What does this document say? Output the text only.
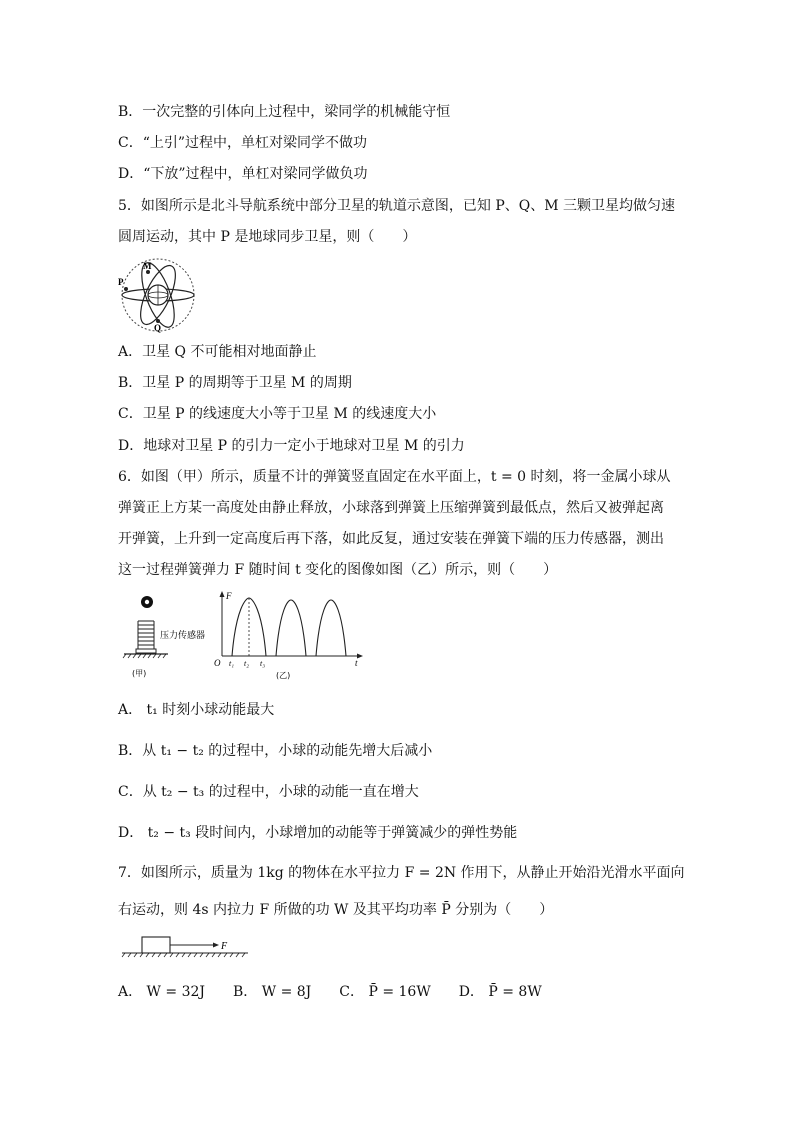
B．一次完整的引体向上过程中，梁同学的机械能守恒
C．“上引”过程中，单杠对梁同学不做功
D．“下放”过程中，单杠对梁同学做负功
5．如图所示是北斗导航系统中部分卫星的轨道示意图，已知 P、Q、M 三颗卫星均做匀速
圆周运动，其中 P 是地球同步卫星，则（　　）
M
P
Q
A．卫星 Q 不可能相对地面静止
B．卫星 P 的周期等于卫星 M 的周期
C．卫星 P 的线速度大小等于卫星 M 的线速度大小
D．地球对卫星 P 的引力一定小于地球对卫星 M 的引力
6．如图（甲）所示，质量不计的弹簧竖直固定在水平面上，t = 0 时刻，将一金属小球从
弹簧正上方某一高度处由静止释放，小球落到弹簧上压缩弹簧到最低点，然后又被弹起离
开弹簧，上升到一定高度后再下落，如此反复，通过安装在弹簧下端的压力传感器，测出
这一过程弹簧弹力 F 随时间 t 变化的图像如图（乙）所示，则（　　）
压力传感器
(甲)
F
t
O t₁ t₂ t₃
(乙)
A． t₁ 时刻小球动能最大
B．从 t₁ − t₂ 的过程中，小球的动能先增大后减小
C．从 t₂ − t₃ 的过程中，小球的动能一直在增大
D． t₂ − t₃ 段时间内，小球增加的动能等于弹簧减少的弹性势能
7．如图所示，质量为 1kg 的物体在水平拉力 F = 2N 作用下，从静止开始沿光滑水平面向
右运动，则 4s 内拉力 F 所做的功 W 及其平均功率 P̄ 分别为（　　）
F
A． W = 32J　　B． W = 8J　　C． P̄ = 16W　　D． P̄ = 8W
